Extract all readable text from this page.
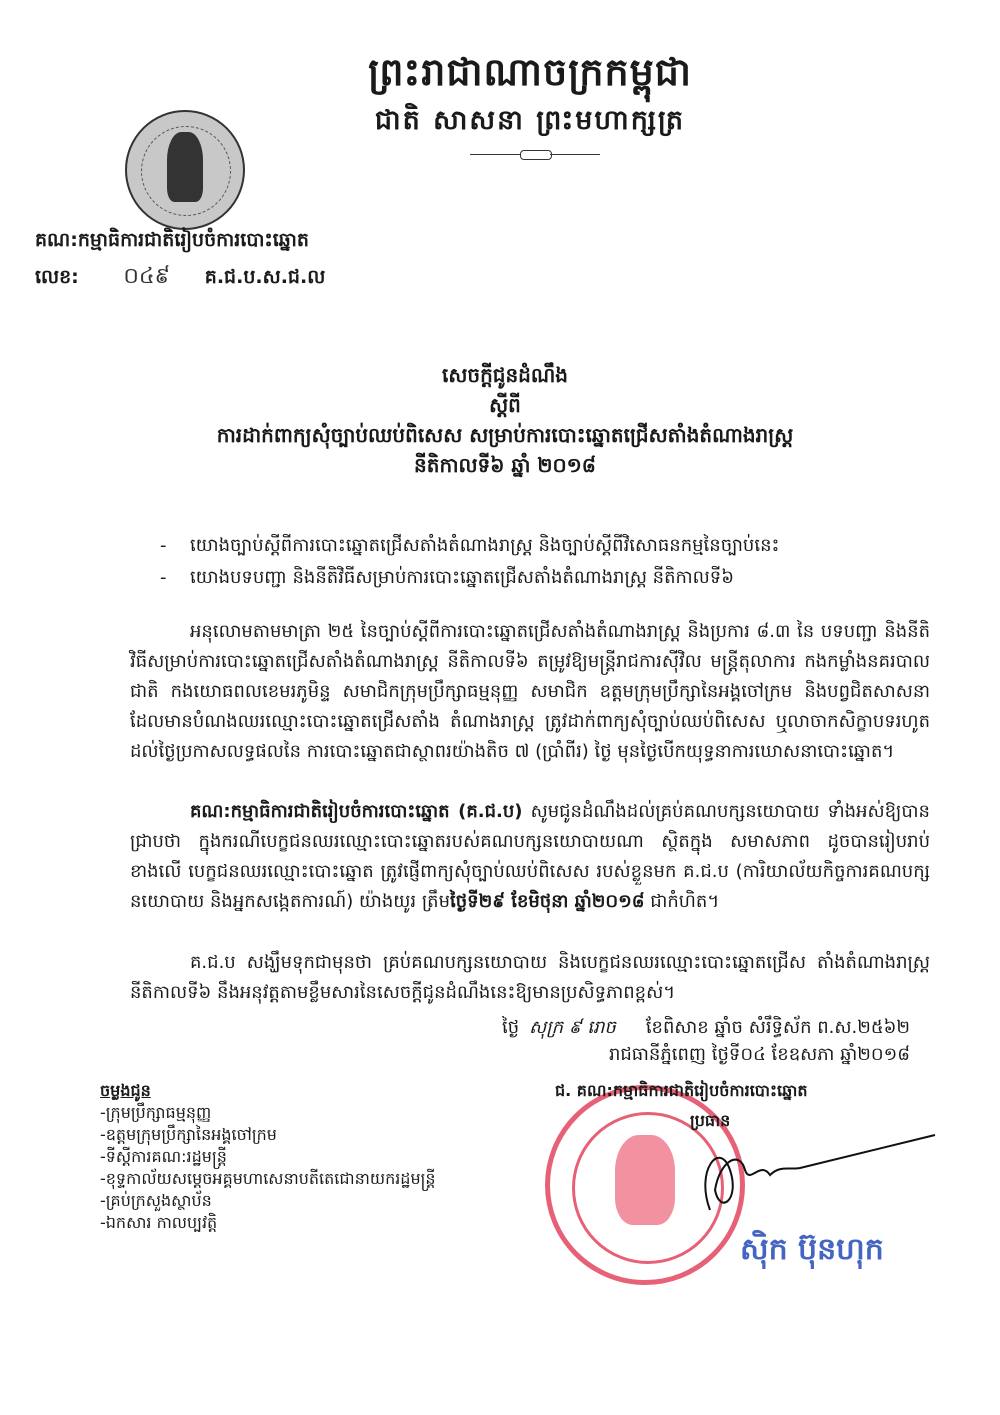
ព្រះរាជាណាចក្រកម្ពុជា
ជាតិ សាសនា ព្រះមហាក្សត្រ
គណ:កម្មាធិការជាតិរៀបចំការបោះឆ្នោត
លេខ: ០៤៩ គ.ជ.ប.ស.ជ.ល
សេចក្ដីជូនដំណឹង
ស្ដីពី
ការដាក់ពាក្យសុំច្បាប់ឈប់ពិសេស សម្រាប់ការបោះឆ្នោតជ្រើសតាំងតំណាងរាស្ត្រ
នីតិកាលទី៦ ឆ្នាំ ២០១៨
-	យោងច្បាប់ស្ដីពីការបោះឆ្នោតជ្រើសតាំងតំណាងរាស្ត្រ និងច្បាប់ស្ដីពីវិសោធនកម្មនៃច្បាប់នេះ
-	យោងបទបញ្ជា និងនីតិវិធីសម្រាប់ការបោះឆ្នោតជ្រើសតាំងតំណាងរាស្ត្រ នីតិកាលទី៦
អនុលោមតាមមាត្រា ២៥ នៃច្បាប់ស្ដីពីការបោះឆ្នោតជ្រើសតាំងតំណាងរាស្ត្រ និងប្រការ ៨.៣ នៃ បទបញ្ជា និងនីតិវិធីសម្រាប់ការបោះឆ្នោតជ្រើសតាំងតំណាងរាស្ត្រ នីតិកាលទី៦ តម្រូវឱ្យមន្ត្រីរាជការស៊ីវិល មន្ត្រីតុលាការ កងកម្លាំងនគរបាលជាតិ កងយោធពលខេមរភូមិន្ទ សមាជិកក្រុមប្រឹក្សាធម្មនុញ្ញ សមាជិក ឧត្ដមក្រុមប្រឹក្សានៃអង្គចៅក្រម និងបព្វជិតសាសនា ដែលមានបំណងឈរឈ្មោះបោះឆ្នោតជ្រើសតាំង តំណាងរាស្ត្រ ត្រូវដាក់ពាក្យសុំច្បាប់ឈប់ពិសេស ឬលាចាកសិក្ខាបទរហូតដល់ថ្ងៃប្រកាសលទ្ធផលនៃ ការបោះឆ្នោតជាស្ថាពរយ៉ាងតិច ៧ (ប្រាំពីរ) ថ្ងៃ មុនថ្ងៃបើកយុទ្ធនាការឃោសនាបោះឆ្នោត។
គណ:កម្មាធិការជាតិរៀបចំការបោះឆ្នោត (គ.ជ.ប) សូមជូនដំណឹងដល់គ្រប់គណបក្សនយោបាយ ទាំងអស់ឱ្យបានជ្រាបថា ក្នុងករណីបេក្ខជនឈរឈ្មោះបោះឆ្នោតរបស់គណបក្សនយោបាយណា ស្ថិតក្នុង សមាសភាព ដូចបានរៀបរាប់ខាងលើ បេក្ខជនឈរឈ្មោះបោះឆ្នោត ត្រូវផ្ញើពាក្យសុំច្បាប់ឈប់ពិសេស របស់ខ្លួនមក គ.ជ.ប (ការិយាល័យកិច្ចការគណបក្សនយោបាយ និងអ្នកសង្កេតការណ៍) យ៉ាងយូរ ត្រឹមថ្ងៃទី២៩ ខែមិថុនា ឆ្នាំ២០១៨ ជាកំហិត។
គ.ជ.ប សង្ឃឹមទុកជាមុនថា គ្រប់គណបក្សនយោបាយ និងបេក្ខជនឈរឈ្មោះបោះឆ្នោតជ្រើស តាំងតំណាងរាស្ត្រ នីតិកាលទី៦ នឹងអនុវត្តតាមខ្លឹមសារនៃសេចក្ដីជូនដំណឹងនេះឱ្យមានប្រសិទ្ធភាពខ្ពស់។
ថ្ងៃ សុក្រ ៩ រោច ខែពិសាខ ឆ្នាំច សំរឹទ្ធិស័ក ព.ស.២៥៦២
រាជធានីភ្នំពេញ ថ្ងៃទី០៤ ខែឧសភា ឆ្នាំ២០១៨
ជ. គណ:កម្មាធិការជាតិរៀបចំការបោះឆ្នោត
ប្រធាន
ស៊ិក ប៊ុនហុក
ចម្លងជូន
-ក្រុមប្រឹក្សាធម្មនុញ្ញ
-ឧត្ដមក្រុមប្រឹក្សានៃអង្គចៅក្រម
-ទីស្ដីការគណ:រដ្ឋមន្ត្រី
-ខុទ្ទកាល័យសម្ដេចអគ្គមហាសេនាបតីតេជោនាយករដ្ឋមន្ត្រី
-គ្រប់ក្រសួងស្ថាប័ន
-ឯកសារ កាលប្បវត្តិ
